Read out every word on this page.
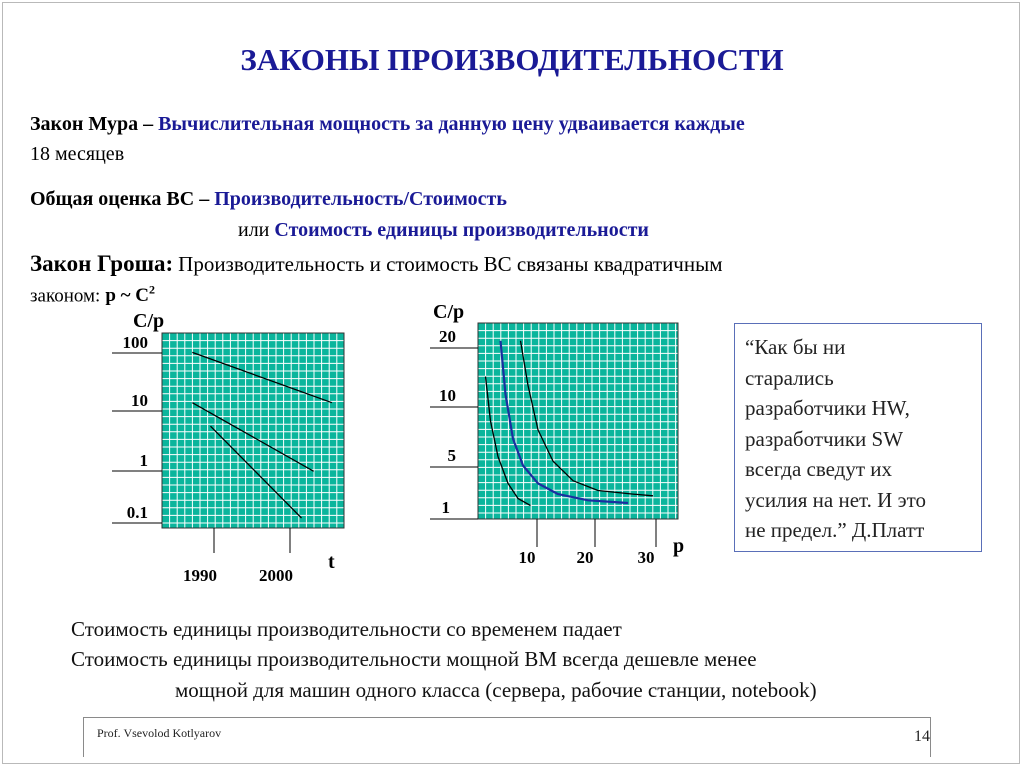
ЗАКОНЫ ПРОИЗВОДИТЕЛЬНОСТИ
Закон Мура – Вычислительная мощность за данную цену удваивается каждые
18 месяцев
Общая оценка ВС – Производительность/Стоимость
или Стоимость единицы производительности
Закон Гроша: Производительность и стоимость ВС связаны квадратичным
законом: p ~ $C^2$
100
10
1
0.1
1990 2000
C/p
t
20
10
5
1
10 20	30
C/p
p
“Как бы ни
старались
разработчики HW,
разработчики SW
всегда сведут их
усилия на нет. И это
не предел.” Д.Платт
Стоимость единицы производительности со временем падает
Стоимость единицы производительности мощной ВМ всегда дешевле менее
мощной для машин одного класса (сервера, рабочие станции, notebook)
Prof. Vsevolod Kotlyarov	14
